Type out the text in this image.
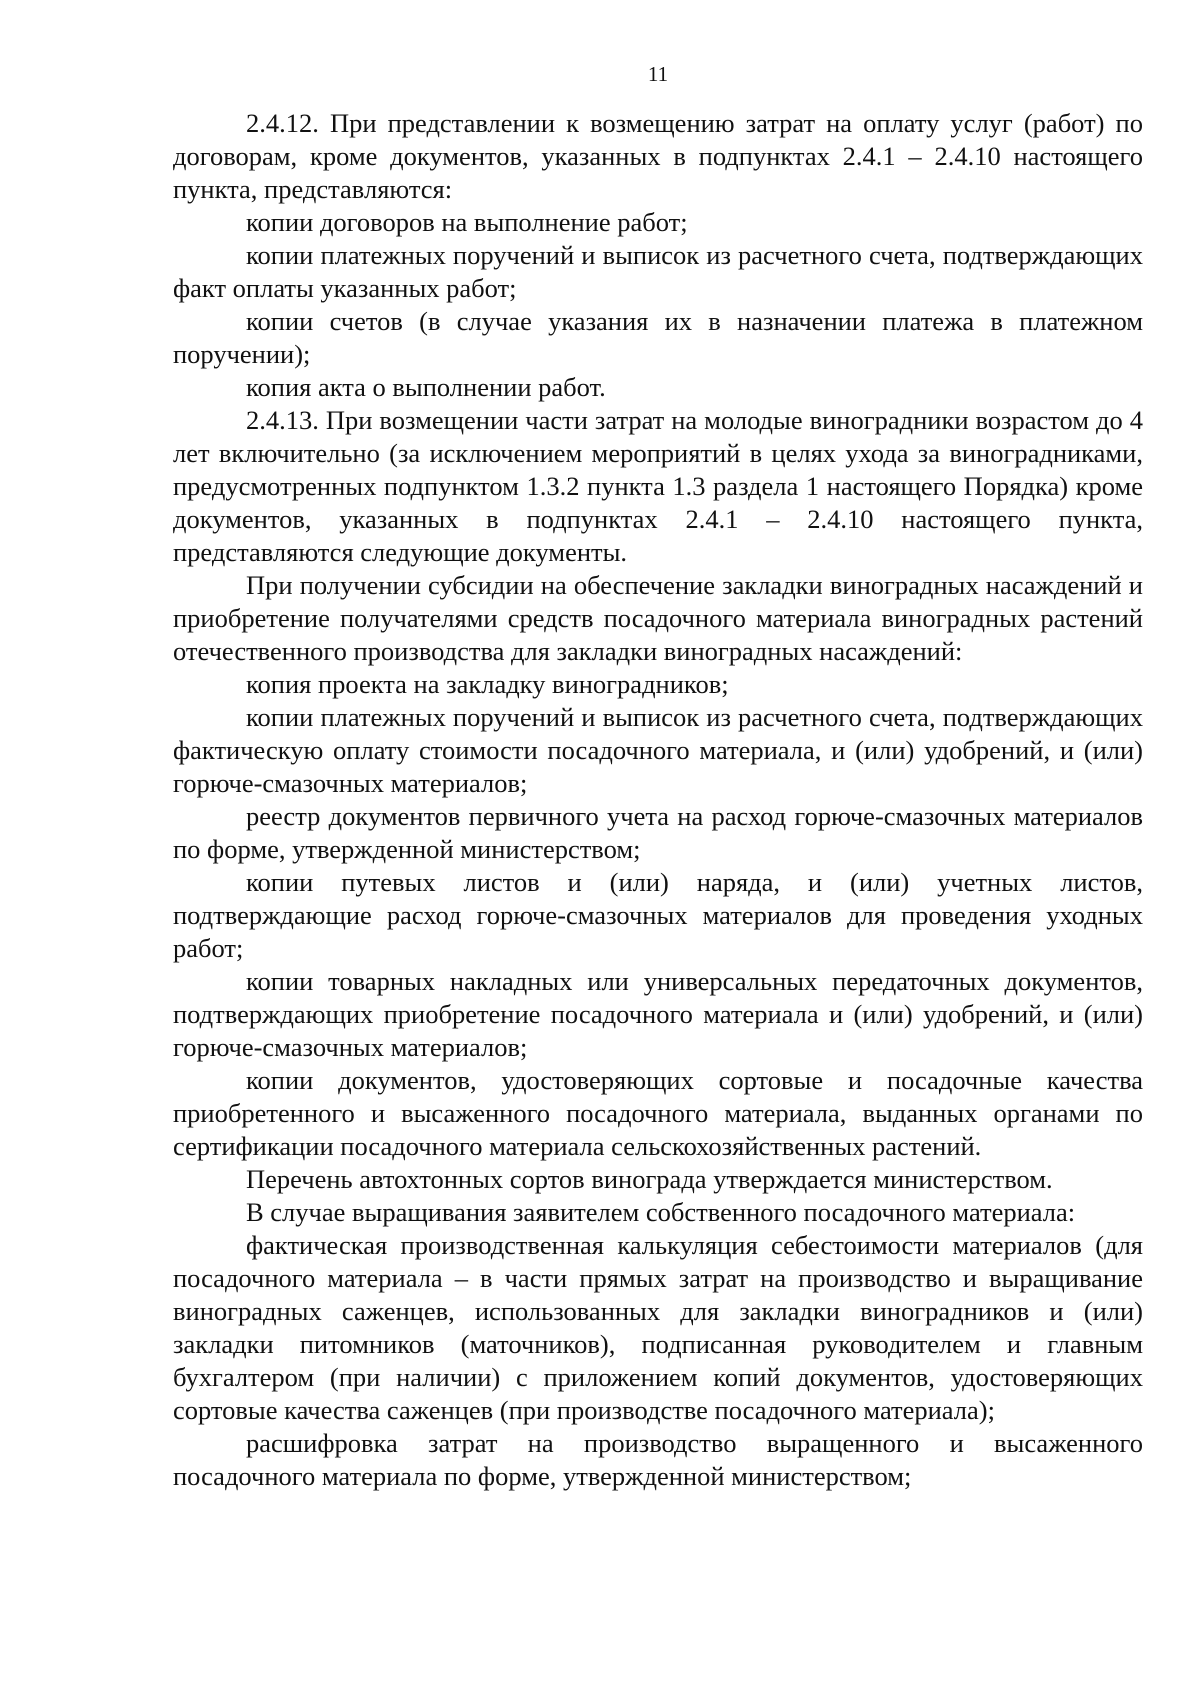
11

2.4.12. При представлении к возмещению затрат на оплату услуг (работ) по договорам, кроме документов, указанных в подпунктах 2.4.1 – 2.4.10 настоящего пункта, представляются:

копии договоров на выполнение работ;

копии платежных поручений и выписок из расчетного счета, подтверждающих факт оплаты указанных работ;

копии счетов (в случае указания их в назначении платежа в платежном поручении);

копия акта о выполнении работ.

2.4.13. При возмещении части затрат на молодые виноградники возрастом до 4 лет включительно (за исключением мероприятий в целях ухода за виноградниками, предусмотренных подпунктом 1.3.2 пункта 1.3 раздела 1 настоящего Порядка) кроме документов, указанных в подпунктах 2.4.1 – 2.4.10 настоящего пункта, представляются следующие документы.

При получении субсидии на обеспечение закладки виноградных насаждений и приобретение получателями средств посадочного материала виноградных растений отечественного производства для закладки виноградных насаждений:

копия проекта на закладку виноградников;

копии платежных поручений и выписок из расчетного счета, подтверждающих фактическую оплату стоимости посадочного материала, и (или) удобрений, и (или) горюче-смазочных материалов;

реестр документов первичного учета на расход горюче-смазочных материалов по форме, утвержденной министерством;

копии путевых листов и (или) наряда, и (или) учетных листов, подтверждающие расход горюче-смазочных материалов для проведения уходных работ;

копии товарных накладных или универсальных передаточных документов, подтверждающих приобретение посадочного материала и (или) удобрений, и (или) горюче-смазочных материалов;

копии документов, удостоверяющих сортовые и посадочные качества приобретенного и высаженного посадочного материала, выданных органами по сертификации посадочного материала сельскохозяйственных растений.

Перечень автохтонных сортов винограда утверждается министерством.

В случае выращивания заявителем собственного посадочного материала:

фактическая производственная калькуляция себестоимости материалов (для посадочного материала – в части прямых затрат на производство и выращивание виноградных саженцев, использованных для закладки виноградников и (или) закладки питомников (маточников), подписанная руководителем и главным бухгалтером (при наличии) с приложением копий документов, удостоверяющих сортовые качества саженцев (при производстве посадочного материала);

расшифровка затрат на производство выращенного и высаженного посадочного материала по форме, утвержденной министерством;
